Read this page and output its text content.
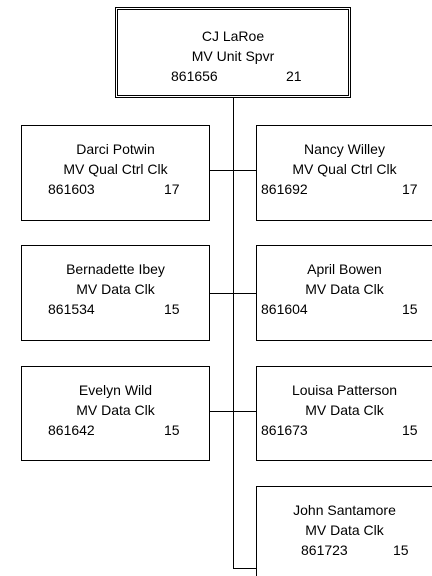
CJ LaRoe
MV Unit Spvr
861656	21
Darci Potwin
MV Qual Ctrl Clk
861603	17
Nancy Willey
MV Qual Ctrl Clk
861692	17
Bernadette Ibey
MV Data Clk
861534	15
April Bowen
MV Data Clk
861604	15
Evelyn Wild
MV Data Clk
861642	15
Louisa Patterson
MV Data Clk
861673	15
John Santamore
MV Data Clk
861723	15
